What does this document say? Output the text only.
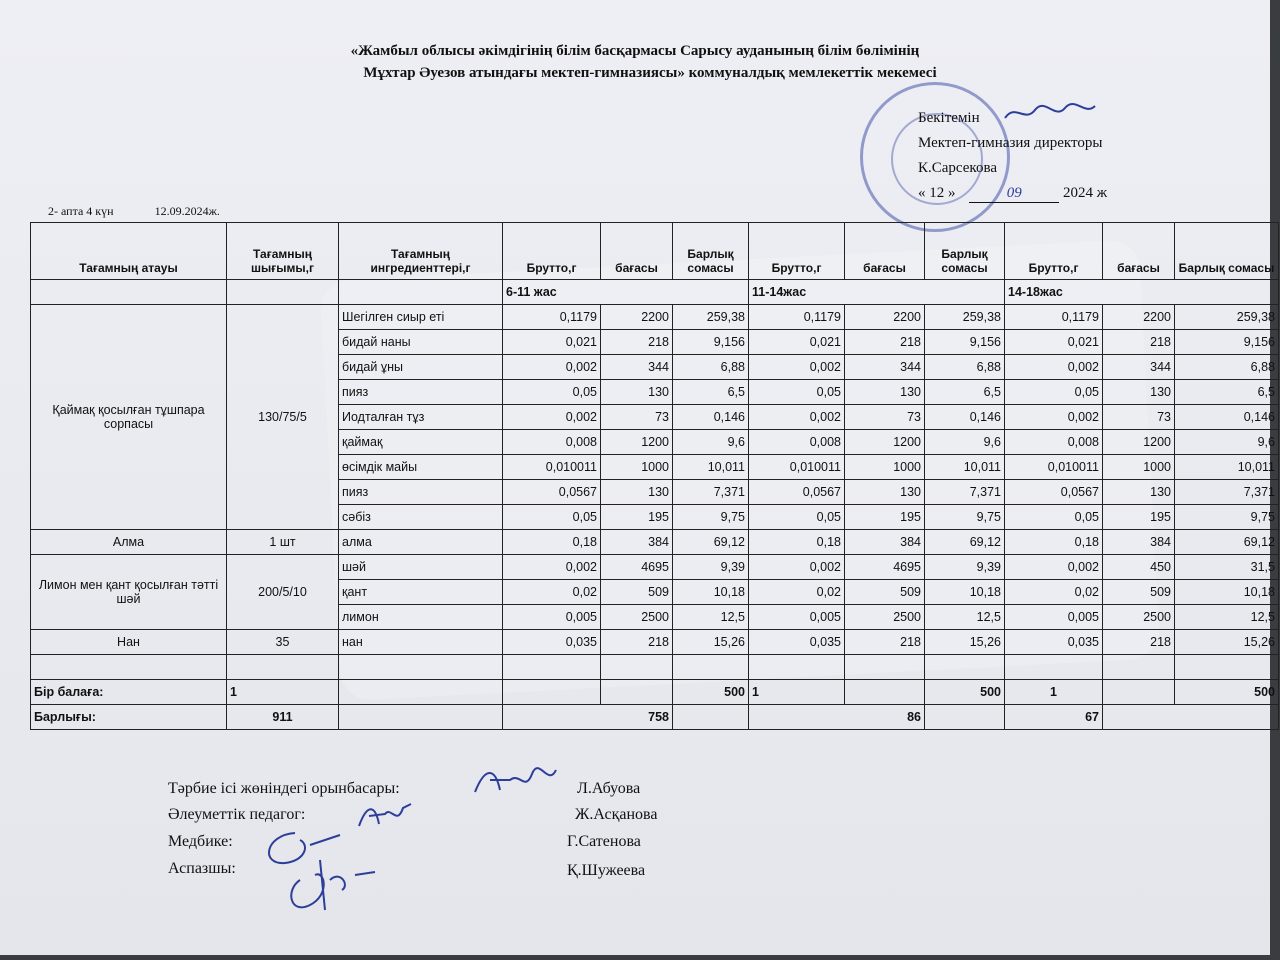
«Жамбыл облысы әкімдігінің білім басқармасы Сарысу ауданының білім бөлімінің
Мұхтар Әуезов атындағы мектеп-гимназиясы» коммуналдық мемлекеттік мекемесі
Бекітемін
Мектеп-гимназия директоры
К.Сарсекова
« 12 »	09	2024 ж
2- апта 4 күн	12.09.2024ж.
Тағамның атауы	Тағамның шығымы,г	Тағамның ингредиенттері,г	Брутто,г	бағасы	Барлық сомасы	Брутто,г	бағасы	Барлық сомасы	Брутто,г	бағасы	Барлық сомасы
			6-11 жас			11-14жас			14-18жас		
Қаймақ қосылған тұшпара сорпасы	130/75/5	Шегілген сиыр еті	0,1179	2200	259,38	0,1179	2200	259,38	0,1179	2200	259,38
		бидай наны	0,021	218	9,156	0,021	218	9,156	0,021	218	9,156
		бидай ұны	0,002	344	6,88	0,002	344	6,88	0,002	344	6,88
		пияз	0,05	130	6,5	0,05	130	6,5	0,05	130	6,5
		Иодталған тұз	0,002	73	0,146	0,002	73	0,146	0,002	73	0,146
		қаймақ	0,008	1200	9,6	0,008	1200	9,6	0,008	1200	9,6
		өсімдік майы	0,010011	1000	10,011	0,010011	1000	10,011	0,010011	1000	10,011
		пияз	0,0567	130	7,371	0,0567	130	7,371	0,0567	130	7,371
		сәбіз	0,05	195	9,75	0,05	195	9,75	0,05	195	9,75
Алма	1 шт	алма	0,18	384	69,12	0,18	384	69,12	0,18	384	69,12
Лимон мен қант қосылған тәтті шәй	200/5/10	шәй	0,002	4695	9,39	0,002	4695	9,39	0,002	450	31,5
		қант	0,02	509	10,18	0,02	509	10,18	0,02	509	10,18
		лимон	0,005	2500	12,5	0,005	2500	12,5	0,005	2500	12,5
Нан	35	нан	0,035	218	15,26	0,035	218	15,26	0,035	218	15,26

Бір балаға:	1				500	1		500	1		500
Барлығы:	911		758			86			67		
Тәрбие ісі жөніндегі орынбасары:
Әлеуметтік педагог:
Медбике:
Аспазшы:
Л.Абуова
Ж.Асқанова
Г.Сатенова
Қ.Шужеева
